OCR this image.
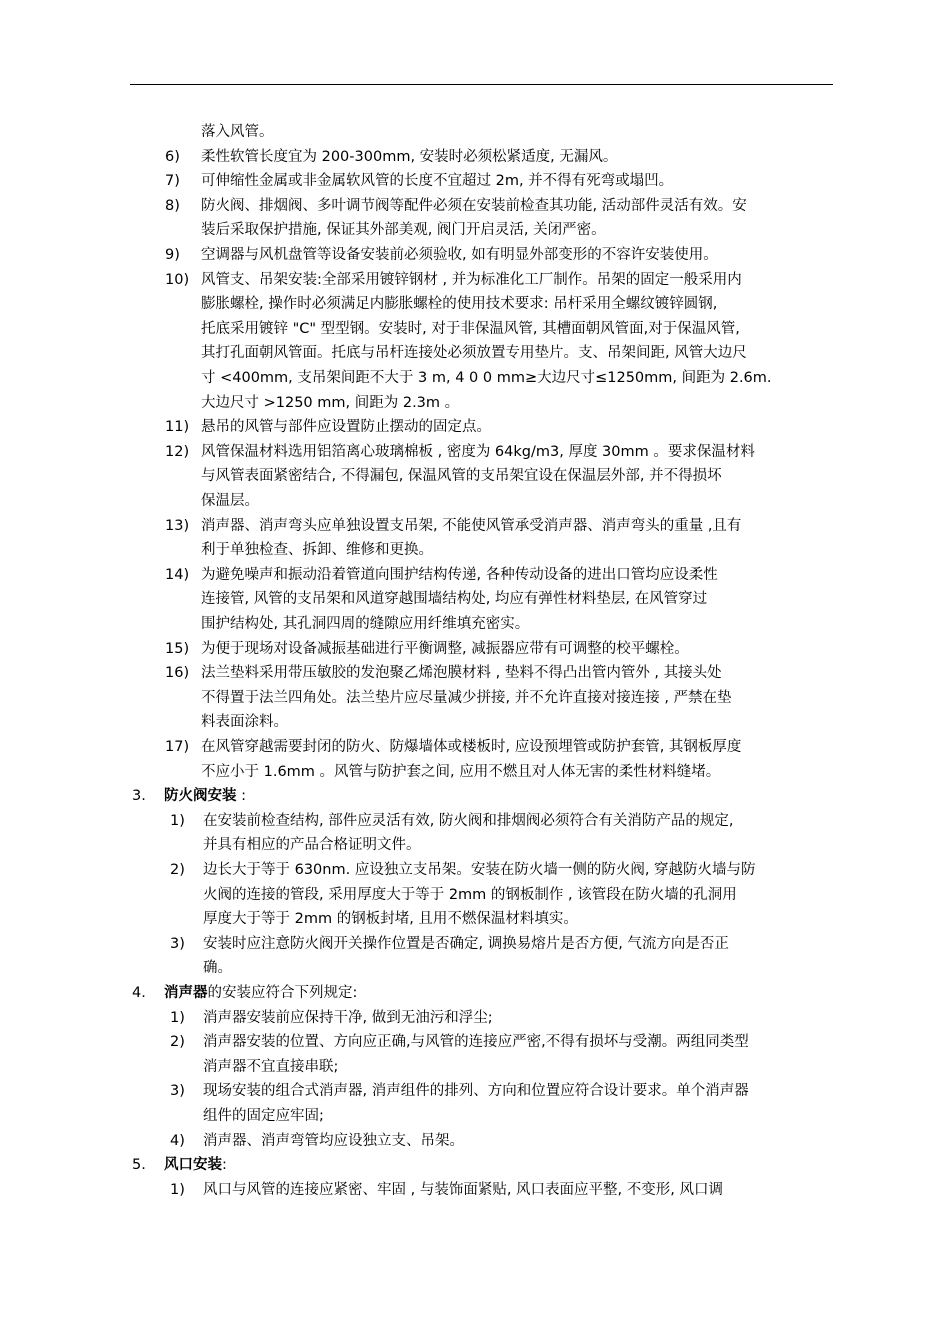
落入风管。
6) 柔性软管长度宜为 200-300mm, 安装时必须松紧适度, 无漏风。
7) 可伸缩性金属或非金属软风管的长度不宜超过 2m, 并不得有死弯或塌凹。
8) 防火阀、排烟阀、多叶调节阀等配件必须在安装前检查其功能, 活动部件灵活有效。安
装后采取保护措施, 保证其外部美观, 阀门开启灵活, 关闭严密。
9) 空调器与风机盘管等设备安装前必须验收, 如有明显外部变形的不容许安装使用。
10) 风管支、吊架安装:全部采用镀锌钢材 , 并为标准化工厂制作。吊架的固定一般采用内
膨胀螺栓, 操作时必须满足内膨胀螺栓的使用技术要求: 吊杆采用全螺纹镀锌圆钢,
托底采用镀锌 "C" 型型钢。安装时, 对于非保温风管, 其槽面朝风管面,对于保温风管,
其打孔面朝风管面。托底与吊杆连接处必须放置专用垫片。支、吊架间距, 风管大边尺
寸 <400mm, 支吊架间距不大于 3 m, 4 0 0 mm≥大边尺寸≤1250mm, 间距为 2.6m.
大边尺寸 >1250 mm, 间距为 2.3m 。
11) 悬吊的风管与部件应设置防止摆动的固定点。
12) 风管保温材料选用铝箔离心玻璃棉板 , 密度为 64kg/m3, 厚度 30mm 。要求保温材料
与风管表面紧密结合, 不得漏包, 保温风管的支吊架宜设在保温层外部, 并不得损坏
保温层。
13) 消声器、消声弯头应单独设置支吊架, 不能使风管承受消声器、消声弯头的重量 ,且有
利于单独检查、拆卸、维修和更换。
14) 为避免噪声和振动沿着管道向围护结构传递, 各种传动设备的进出口管均应设柔性
连接管, 风管的支吊架和风道穿越围墙结构处, 均应有弹性材料垫层, 在风管穿过
围护结构处, 其孔洞四周的缝隙应用纤维填充密实。
15) 为便于现场对设备减振基础进行平衡调整, 减振器应带有可调整的校平螺栓。
16) 法兰垫料采用带压敏胶的发泡聚乙烯泡膜材料 , 垫料不得凸出管内管外 , 其接头处
不得置于法兰四角处。法兰垫片应尽量减少拼接, 并不允许直接对接连接 , 严禁在垫
料表面涂料。
17) 在风管穿越需要封闭的防火、防爆墙体或楼板时, 应设预埋管或防护套管, 其钢板厚度
不应小于 1.6mm 。风管与防护套之间, 应用不燃且对人体无害的柔性材料缝堵。
3. 防火阀安装 :
1) 在安装前检查结构, 部件应灵活有效, 防火阀和排烟阀必须符合有关消防产品的规定,
并具有相应的产品合格证明文件。
2) 边长大于等于 630nm. 应设独立支吊架。安装在防火墙一侧的防火阀, 穿越防火墙与防
火阀的连接的管段, 采用厚度大于等于 2mm 的钢板制作 , 该管段在防火墙的孔洞用
厚度大于等于 2mm 的钢板封堵, 且用不燃保温材料填实。
3) 安装时应注意防火阀开关操作位置是否确定, 调换易熔片是否方便, 气流方向是否正
确。
4. 消声器的安装应符合下列规定:
1) 消声器安装前应保持干净, 做到无油污和浮尘;
2) 消声器安装的位置、方向应正确,与风管的连接应严密,不得有损坏与受潮。两组同类型
消声器不宜直接串联;
3) 现场安装的组合式消声器, 消声组件的排列、方向和位置应符合设计要求。单个消声器
组件的固定应牢固;
4) 消声器、消声弯管均应设独立支、吊架。
5. 风口安装:
1) 风口与风管的连接应紧密、牢固 , 与装饰面紧贴, 风口表面应平整, 不变形, 风口调
